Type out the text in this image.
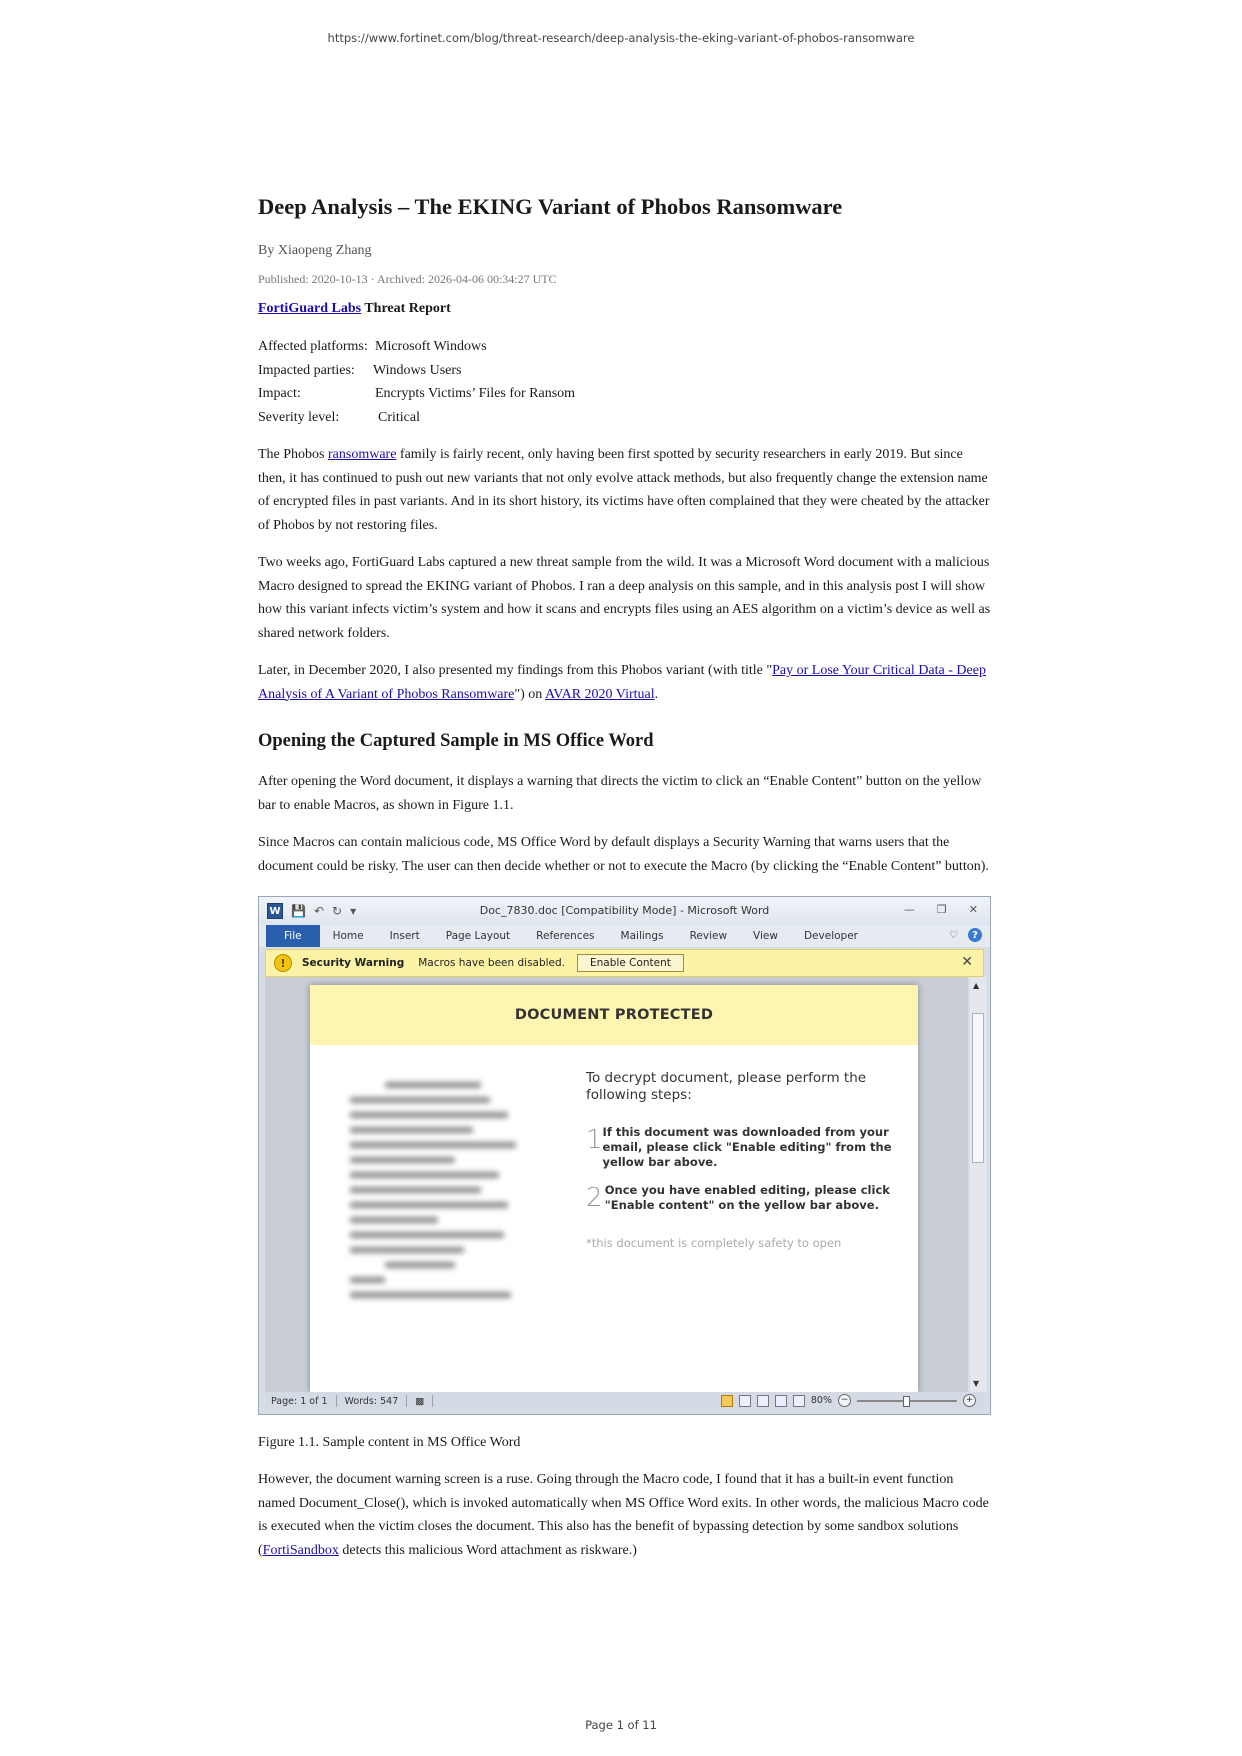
https://www.fortinet.com/blog/threat-research/deep-analysis-the-eking-variant-of-phobos-ransomware
Deep Analysis – The EKING Variant of Phobos Ransomware
By Xiaopeng Zhang
Published: 2020-10-13 · Archived: 2026-04-06 00:34:27 UTC
FortiGuard Labs Threat Report
Affected platforms: Microsoft Windows
Impacted parties:	Windows Users
Impact:	Encrypts Victims’ Files for Ransom
Severity level:	Critical

The Phobos ransomware family is fairly recent, only having been first spotted by security researchers in early 2019. But since then, it has continued to push out new variants that not only evolve attack methods, but also frequently change the extension name of encrypted files in past variants. And in its short history, its victims have often complained that they were cheated by the attacker of Phobos by not restoring files.

Two weeks ago, FortiGuard Labs captured a new threat sample from the wild. It was a Microsoft Word document with a malicious Macro designed to spread the EKING variant of Phobos. I ran a deep analysis on this sample, and in this analysis post I will show how this variant infects victim’s system and how it scans and encrypts files using an AES algorithm on a victim’s device as well as shared network folders.

Later, in December 2020, I also presented my findings from this Phobos variant (with title "Pay or Lose Your Critical Data - Deep Analysis of A Variant of Phobos Ransomware") on AVAR 2020 Virtual.

Opening the Captured Sample in MS Office Word

After opening the Word document, it displays a warning that directs the victim to click an “Enable Content” button on the yellow bar to enable Macros, as shown in Figure 1.1.

Since Macros can contain malicious code, MS Office Word by default displays a Security Warning that warns users that the document could be risky. The user can then decide whether or not to execute the Macro (by clicking the “Enable Content” button).

W 💾 ↶ ↻ ▾	Doc_7830.doc [Compatibility Mode] - Microsoft Word	— ❐ ✕
File	Home	Insert	Page Layout	References	Mailings	Review	View	Developer	♡	?
!	Security Warning Macros have been disabled.	Enable Content	✕
DOCUMENT PROTECTED
To decrypt document, please perform the following steps:
1 If this document was downloaded from your email, please click "Enable editing" from the yellow bar above.
2 Once you have enabled editing, please click "Enable content" on the yellow bar above.
*this document is completely safety to open
▲
▼
Page: 1 of 1 Words: 547 ▩	80% −	+
Figure 1.1. Sample content in MS Office Word

However, the document warning screen is a ruse. Going through the Macro code, I found that it has a built-in event function named Document_Close(), which is invoked automatically when MS Office Word exits. In other words, the malicious Macro code is executed when the victim closes the document. This also has the benefit of bypassing detection by some sandbox solutions (FortiSandbox detects this malicious Word attachment as riskware.)

Page 1 of 11
